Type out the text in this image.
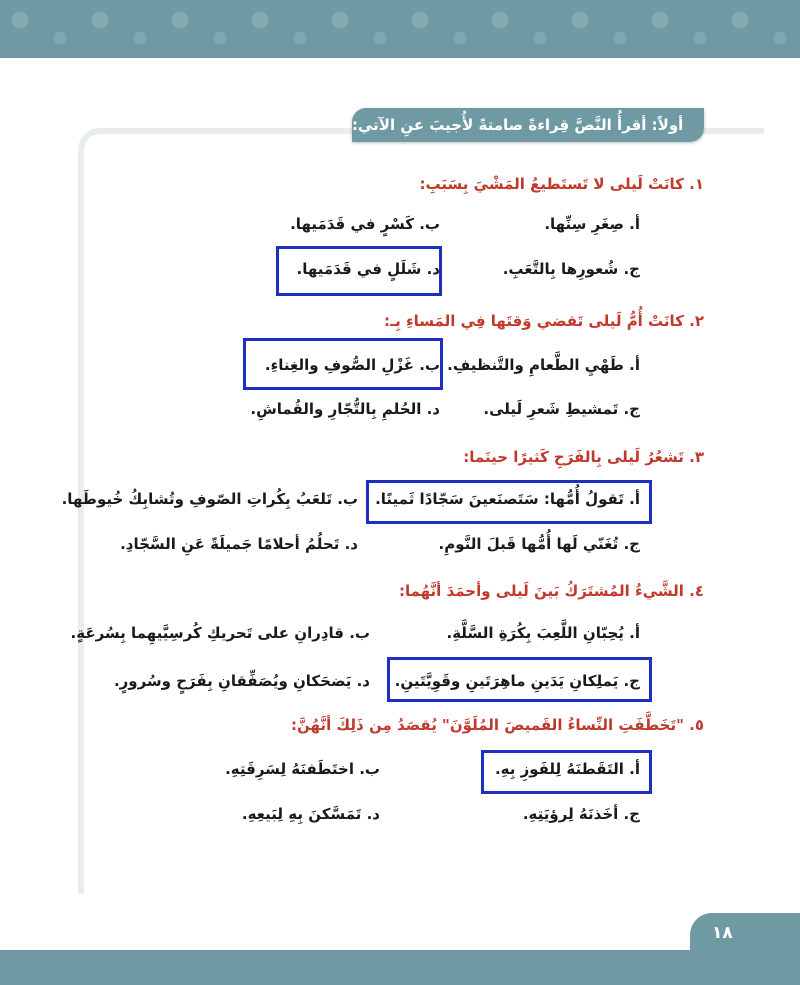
أولاً: أقرأُ النَّصَّ قِراءةً صامتةً لأُجيبَ عنِ الآتي:
١. كانَتْ لَيلى لا تَستَطيعُ المَشْيَ بِسَبَبِ:
أ. صِغَرِ سِنِّها.
ب. كَسْرٍ في قَدَمَيها.
ج. شُعورِها بِالتَّعَبِ.
د. شَلَلٍ في قَدَمَيها.
٢. كانَتْ أُمُّ لَيلى تَقضي وَقتَها فِي المَساءِ بِـ:
أ. طَهْيِ الطَّعامِ والتَّنظيفِ.
ب. غَزْلِ الصُّوفِ والغِناءِ.
ج. تَمشيطِ شَعرِ لَيلى.
د. الحُلمِ بِالتُّجّارِ والقُماشِ.
٣. تَشعُرُ لَيلى بِالفَرَحِ كَثيرًا حينَما:
أ. تَقولُ أُمُّها: سَتَصنَعينَ سَجّادًا ثَمينًا.
ب. تَلعَبُ بِكُراتِ الصّوفِ وتُشابِكُ خُيوطَها.
ج. تُغَنّي لَها أُمُّها قَبلَ النَّومِ.
د. تَحلُمُ أحلامًا جَميلَةً عَنِ السَّجّادِ.
٤. الشَّيءُ المُشتَرَكُ بَينَ لَيلى وأحمَدَ أنَّهُما:
أ. يُحِبّانِ اللَّعِبَ بِكُرَةِ السَّلَّةِ.
ب. قادِرانِ على تَحريكِ كُرسِيَّيهِما بِسُرعَةٍ.
ج. يَملِكانِ يَدَينِ ماهِرَتَينِ وقَوِيَّتَينِ.
د. يَضحَكانِ ويُصَفِّقانِ بِفَرَحٍ وسُرورٍ.
٥. "تَخَطَّفَتِ النِّساءُ القَميصَ المُلَوَّنَ" يُقصَدُ مِن ذَلِكَ أنَّهُنَّ:
أ. التَقَطنَهُ لِلفَوزِ بِهِ.
ب. اختَطَفنَهُ لِسَرِقَتِهِ.
ج. أخَذنَهُ لِرؤيَتِهِ.
د. تَمَسَّكنَ بِهِ لِبَيعِهِ.
١٨
